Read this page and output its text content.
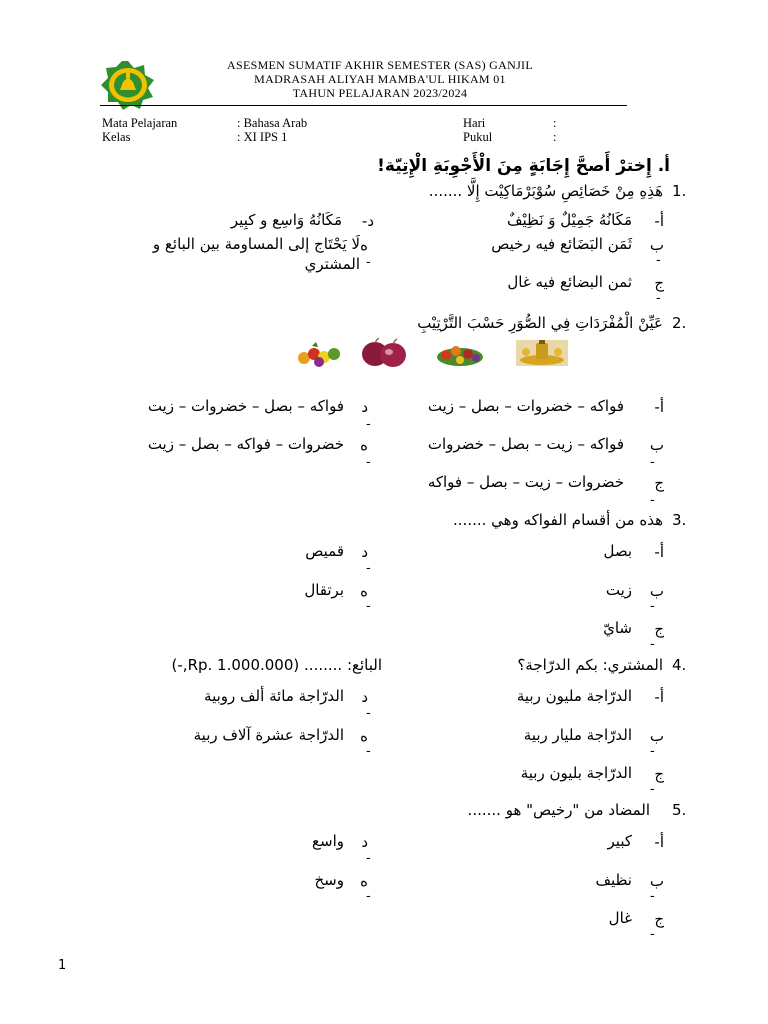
ASESMEN SUMATIF AKHIR SEMESTER (SAS) GANJIL
MADRASAH ALIYAH MAMBA'UL HIKAM 01
TAHUN PELAJARAN 2023/2024
Mata Pelajaran	: Bahasa Arab	Hari	:
Kelas	: XI IPS 1	Pukul	:
أ. إِخترْ أَصحَّ إِجَابَةٍ مِنَ الْأَجْوِبَةِ الْإِتِيّة!
1.
هَذِهِ مِنْ خَصَائِصِ سُوْبَرْمَاكِيْت إِلَّا .......
أ-
مَكَانُهُ جَمِيْلٌ وَ نَظِيْفٌ
ب
ثَمَن البَضَائع فيه رخيص
-
ج
ثمن البضائع فيه غال
-
د-
مَكَانُهُ وَاسِع و كبِير
ه
-
لَا يَحْتَاج إلى المساومة بين البائع و المشتري
2.
عَيِّنْ الْمُفْرَدَاتِ فِي الصُّوَرِ حَسْبَ التَّرْتِيْبِ
أ-
فواكه – خضروات – بصل – زيت
ب
-
فواكه – زيت – بصل – خضروات
ج
-
خضروات – زيت – بصل – فواكه
د
-
فواكه – بصل – خضروات – زيت
ه
-
خضروات – فواكه – بصل – زيت
3.
هذه من أقسام الفواكه وهي .......
أ-
بصل
ب
-
زيت
ج
-
شايّ
د
-
قميص
ه
-
برتقال
4.
المشتري: بكم الدرّاجة؟
البائع: ........ (Rp. 1.000.000,-)
أ-
الدرّاجة مليون ربية
ب
-
الدرّاجة مليار ربية
ج
-
الدرّاجة بليون ربية
د
-
الدرّاجة مائة ألف روبية
ه
-
الدرّاجة عشرة آلاف ربية
5.
المضاد من "رخيص" هو .......
أ-
كبير
ب
-
نظيف
ج
-
غال
د
-
واسع
ه
-
وسخ
1
